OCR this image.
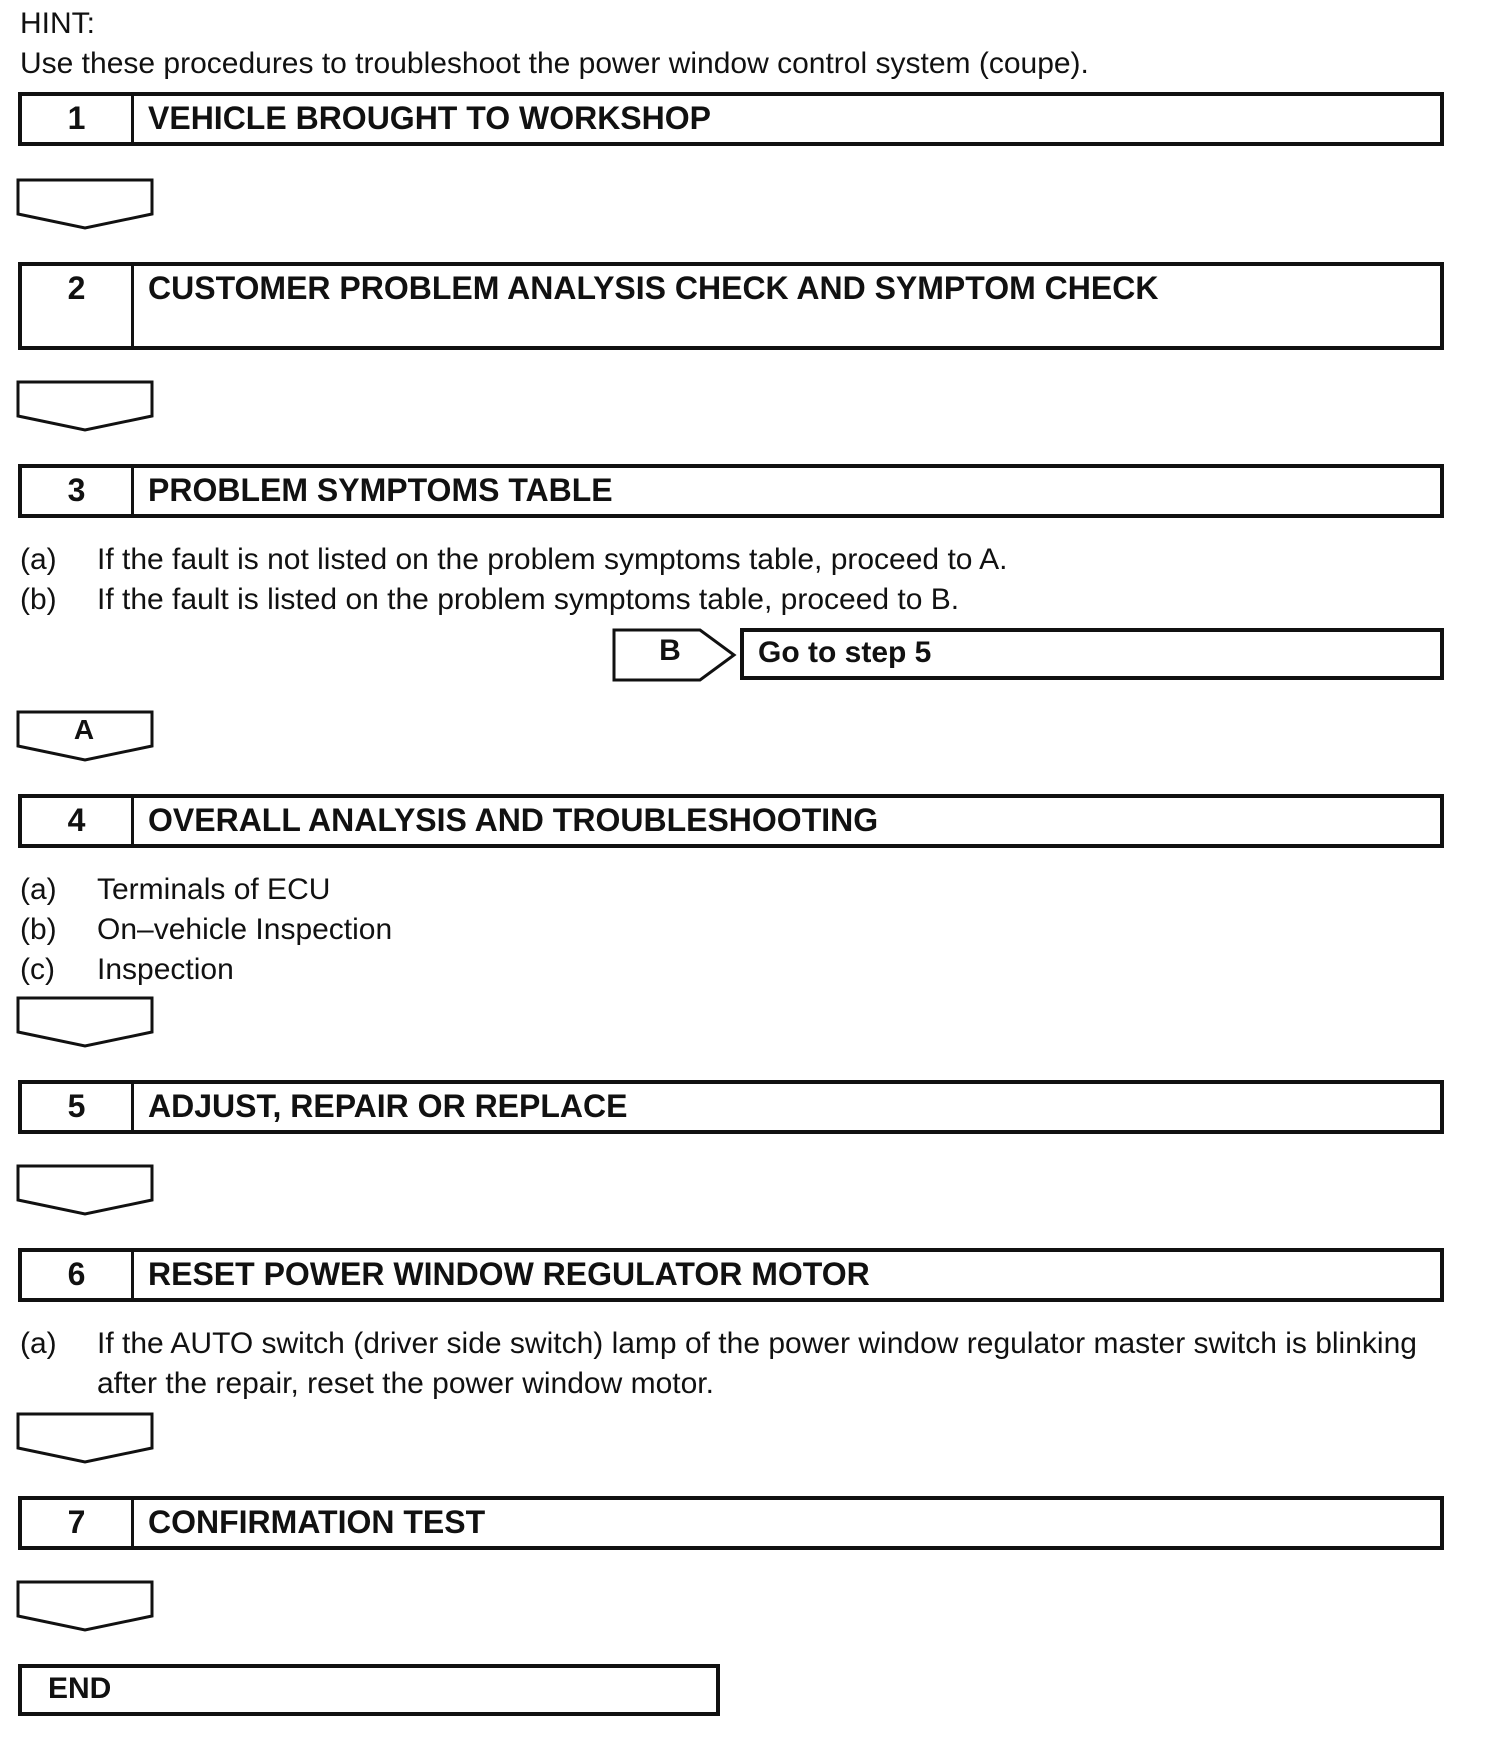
HINT:
Use these procedures to troubleshoot the power window control system (coupe).
1	VEHICLE BROUGHT TO WORKSHOP
2	CUSTOMER PROBLEM ANALYSIS CHECK AND SYMPTOM CHECK
3	PROBLEM SYMPTOMS TABLE
(a) If the fault is not listed on the problem symptoms table, proceed to A.
(b) If the fault is listed on the problem symptoms table, proceed to B.
B	Go to step 5
A
4	OVERALL ANALYSIS AND TROUBLESHOOTING
(a) Terminals of ECU
(b) On–vehicle Inspection
(c) Inspection
5	ADJUST, REPAIR OR REPLACE
6	RESET POWER WINDOW REGULATOR MOTOR
(a) If the AUTO switch (driver side switch) lamp of the power window regulator master switch is blinking
after the repair, reset the power window motor.
7	CONFIRMATION TEST
END
